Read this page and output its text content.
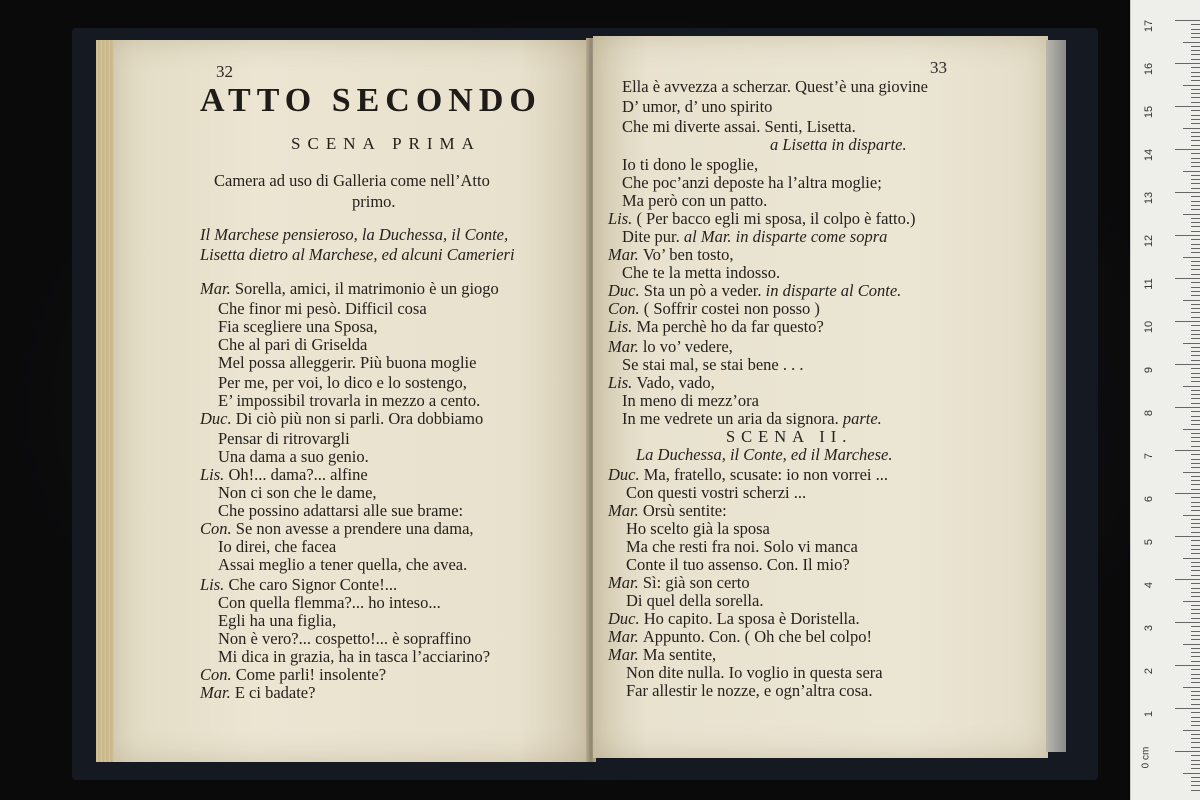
32
ATTO SECONDO
SCENA PRIMA
Camera ad uso di Galleria come nell’Atto
primo.
Il Marchese pensieroso, la Duchessa, il Conte,
Lisetta dietro al Marchese, ed alcuni Camerieri
Mar. Sorella, amici, il matrimonio è un giogo
Che finor mi pesò. Difficil cosa
Fia scegliere una Sposa,
Che al pari di Griselda
Mel possa alleggerir. Più buona moglie
Per me, per voi, lo dico e lo sostengo,
E’ impossibil trovarla in mezzo a cento.
Duc. Di ciò più non si parli. Ora dobbiamo
Pensar di ritrovargli
Una dama a suo genio.
Lis. Oh!... dama?... alfine
Non ci son che le dame,
Che possino adattarsi alle sue brame:
Con. Se non avesse a prendere una dama,
Io direi, che facea
Assai meglio a tener quella, che avea.
Lis. Che caro Signor Conte!...
Con quella flemma?... ho inteso...
Egli ha una figlia,
Non è vero?... cospetto!... è sopraffino
Mi dica in grazia, ha in tasca l’acciarino?
Con. Come parli! insolente?
Mar. E ci badate?
33
Ella è avvezza a scherzar. Quest’è una giovine
D’ umor, d’ uno spirito
Che mi diverte assai. Senti, Lisetta.
a Lisetta in disparte.
Io ti dono le spoglie,
Che poc’anzi deposte ha l’altra moglie;
Ma però con un patto.
Lis. ( Per bacco egli mi sposa, il colpo è fatto.)
Dite pur. al Mar. in disparte come sopra
Mar. Vo’ ben tosto,
Che te la metta indosso.
Duc. Sta un pò a veder. in disparte al Conte.
Con. ( Soffrir costei non posso )
Lis. Ma perchè ho da far questo?
Mar. lo vo’ vedere,
Se stai mal, se stai bene . . .
Lis. Vado, vado,
In meno di mezz’ora
In me vedrete un aria da signora. parte.
SCENA II.
La Duchessa, il Conte, ed il Marchese.
Duc. Ma, fratello, scusate: io non vorrei ...
Con questi vostri scherzi ...
Mar. Orsù sentite:
Ho scelto già la sposa
Ma che resti fra noi. Solo vi manca
Conte il tuo assenso. Con. Il mio?
Mar. Sì: già son certo
Di quel della sorella.
Duc. Ho capito. La sposa è Doristella.
Mar. Appunto. Con. ( Oh che bel colpo!
Mar. Ma sentite,
Non dite nulla. Io voglio in questa sera
Far allestir le nozze, e ogn’altra cosa.
0 cm
17
16
15
14
13
12
11
10
9
8
7
6
5
4
3
2
1
